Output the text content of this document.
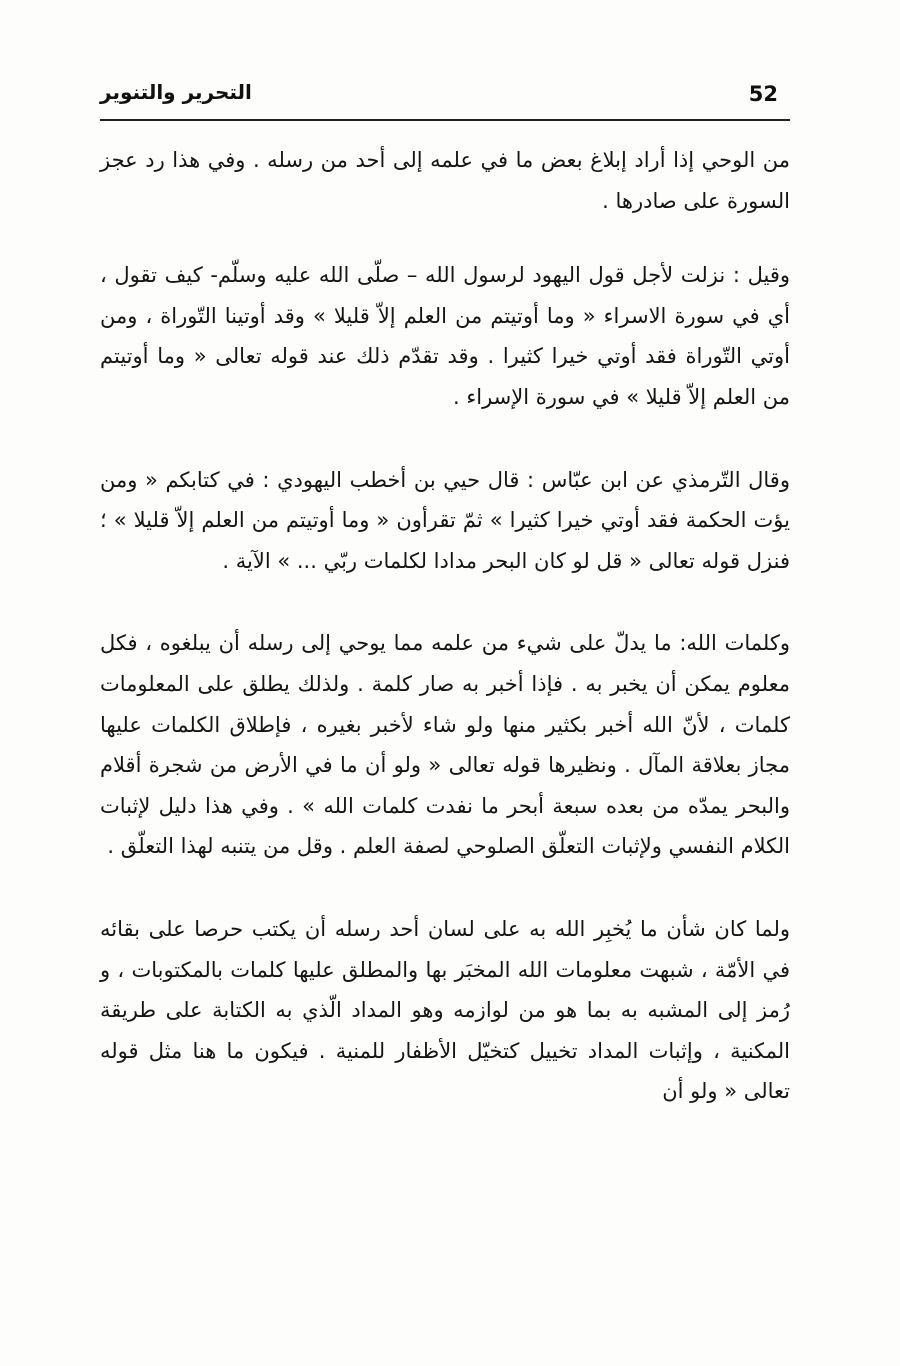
52
التحرير والتنوير

من الوحي إذا أراد إبلاغ بعض ما في علمه إلى أحد من رسله . وفي هذا رد عجز السورة على صادرها .

وقيل : نزلت لأجل قول اليهود لرسول الله – صلّى الله عليه وسلّم- كيف تقول ، أي في سورة الاسراء « وما أوتيتم من العلم إلاّ قليلا » وقد أوتينا التّوراة ، ومن أوتي التّوراة فقد أوتي خيرا كثيرا . وقد تقدّم ذلك عند قوله تعالى « وما أوتيتم من العلم إلاّ قليلا » في سورة الإسراء .

وقال التّرمذي عن ابن عبّاس : قال حيي بن أخطب اليهودي : في كتابكم « ومن يؤت الحكمة فقد أوتي خيرا كثيرا » ثمّ تقرأون « وما أوتيتم من العلم إلاّ قليلا » ؛ فنزل قوله تعالى « قل لو كان البحر مدادا لكلمات ربّي ... » الآية .

وكلمات الله: ما يدلّ على شيء من علمه مما يوحي إلى رسله أن يبلغوه ، فكل معلوم يمكن أن يخبر به . فإذا أخبر به صار كلمة . ولذلك يطلق على المعلومات كلمات ، لأنّ الله أخبر بكثير منها ولو شاء لأخبر بغيره ، فإطلاق الكلمات عليها مجاز بعلاقة المآل . ونظيرها قوله تعالى « ولو أن ما في الأرض من شجرة أقلام والبحر يمدّه من بعده سبعة أبحر ما نفدت كلمات الله » . وفي هذا دليل لإثبات الكلام النفسي ولإثبات التعلّق الصلوحي لصفة العلم . وقل من يتنبه لهذا التعلّق .

ولما كان شأن ما يُخبِر الله به على لسان أحد رسله أن يكتب حرصا على بقائه في الأمّة ، شبهت معلومات الله المخبَر بها والمطلق عليها كلمات بالمكتوبات ، و رُمز إلى المشبه به بما هو من لوازمه وهو المداد الّذي به الكتابة على طريقة المكنية ، وإثبات المداد تخييل كتخيّل الأظفار للمنية . فيكون ما هنا مثل قوله تعالى « ولو أن
